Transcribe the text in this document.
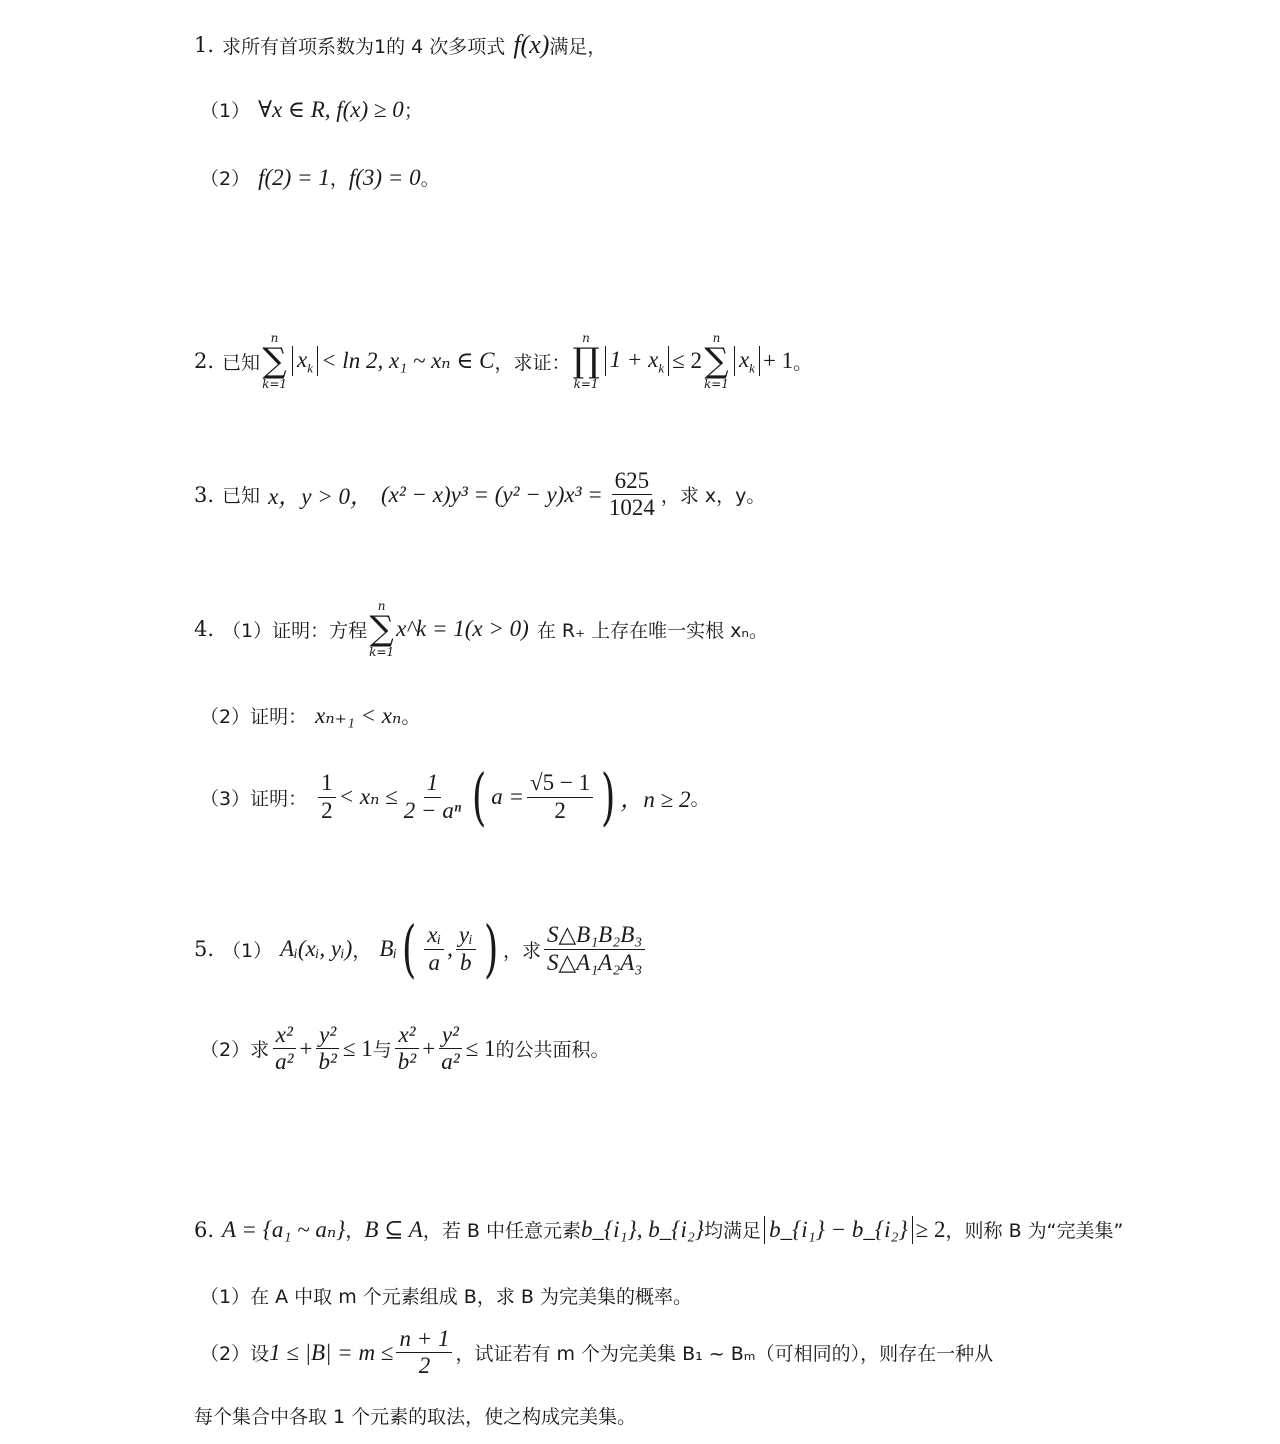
1. 求所有首项系数为1的 4 次多项式 f(x) 满足，
（1） ∀x ∈ R, f(x) ≥ 0 ；
（2） f(2) = 1 ， f(3) = 0 。
2. 已知
n
∑
k=1
$x_k < \ln 2$, x₁ ~ xₙ ∈ C ，求证：
n
∏
k=1
$1 + x_k \le 2$
n
∑
k=1
$x_k + 1$ 。
3. 已知 x，y > 0， $(x^2 - x)y^3 = (y^2 - y)x^3 = \frac{625}{1024}$ ，求 x，y。
4. （1） 证明：方程
n
∑
k=1
x^k = 1(x > 0) 在 R₊ 上存在唯一实根 xₙ 。
（2） 证明： xₙ₊₁ < xₙ 。
（3） 证明： $\frac{1}{2} < x_n \le \frac{1}{\text{2 − aⁿ}}$ ( $a = \frac{√5 - 1}{2}$ ) ，n ≥ 2 。
5. （1） Aᵢ(xᵢ, yᵢ) ， Bᵢ ( $\frac{\text{xᵢ}}{a}$ , $\frac{\text{yᵢ}}{b}$ ) ，求 $\frac{\text{S△B₁B₂B₃}}{\text{S△A₁A₂A₃}}$
（2） 求 $\frac{\text{x²}}{\text{a²}} + \frac{\text{y²}}{\text{b²}} \le 1$ 与 $\frac{\text{x²}}{\text{b²}} + \frac{\text{y²}}{\text{a²}} \le 1$ 的公共面积。
6. A = {a₁ ~ aₙ} ， B ⊆ A ，若 B 中任意元素 b_{i₁}, b_{i₂} 均满足 b_{i₁} − b_{i₂} ≥ 2 ，则称 B 为“完美集”
（1） 在 A 中取 m 个元素组成 B，求 B 为完美集的概率。
（2） 设 $1 \le |B| = m \le \frac{n + 1}{2}$ ，试证若有 m 个为完美集 B₁ ~ Bₘ（可相同的），则存在一种从
每个集合中各取 1 个元素的取法，使之构成完美集。
